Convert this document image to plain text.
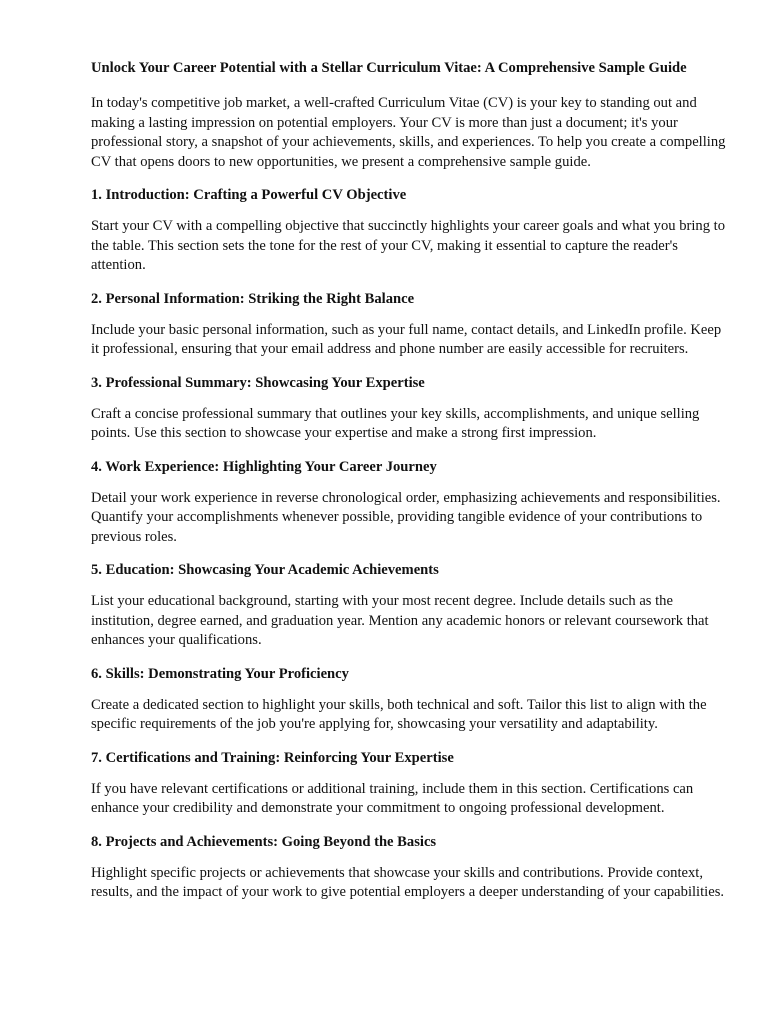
Unlock Your Career Potential with a Stellar Curriculum Vitae: A Comprehensive Sample Guide

In today's competitive job market, a well-crafted Curriculum Vitae (CV) is your key to standing out and making a lasting impression on potential employers. Your CV is more than just a document; it's your professional story, a snapshot of your achievements, skills, and experiences. To help you create a compelling CV that opens doors to new opportunities, we present a comprehensive sample guide.

1. Introduction: Crafting a Powerful CV Objective

Start your CV with a compelling objective that succinctly highlights your career goals and what you bring to the table. This section sets the tone for the rest of your CV, making it essential to capture the reader's attention.

2. Personal Information: Striking the Right Balance

Include your basic personal information, such as your full name, contact details, and LinkedIn profile. Keep it professional, ensuring that your email address and phone number are easily accessible for recruiters.

3. Professional Summary: Showcasing Your Expertise

Craft a concise professional summary that outlines your key skills, accomplishments, and unique selling points. Use this section to showcase your expertise and make a strong first impression.

4. Work Experience: Highlighting Your Career Journey

Detail your work experience in reverse chronological order, emphasizing achievements and responsibilities. Quantify your accomplishments whenever possible, providing tangible evidence of your contributions to previous roles.

5. Education: Showcasing Your Academic Achievements

List your educational background, starting with your most recent degree. Include details such as the institution, degree earned, and graduation year. Mention any academic honors or relevant coursework that enhances your qualifications.

6. Skills: Demonstrating Your Proficiency

Create a dedicated section to highlight your skills, both technical and soft. Tailor this list to align with the specific requirements of the job you're applying for, showcasing your versatility and adaptability.

7. Certifications and Training: Reinforcing Your Expertise

If you have relevant certifications or additional training, include them in this section. Certifications can enhance your credibility and demonstrate your commitment to ongoing professional development.

8. Projects and Achievements: Going Beyond the Basics

Highlight specific projects or achievements that showcase your skills and contributions. Provide context, results, and the impact of your work to give potential employers a deeper understanding of your capabilities.
